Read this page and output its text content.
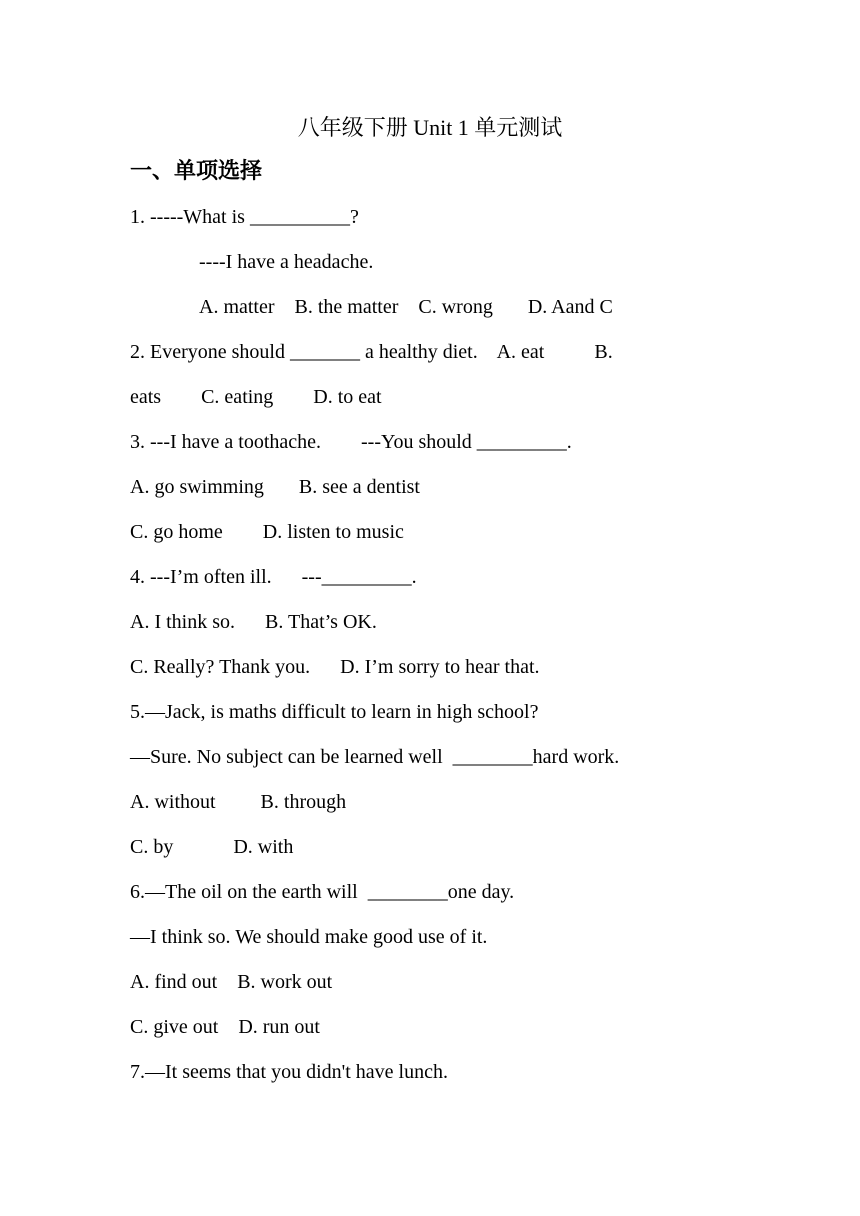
八年级下册 Unit 1 单元测试
一、单项选择
1. -----What is __________?
----I have a headache.
A. matter    B. the matter    C. wrong       D. Aand C
2. Everyone should _______ a healthy diet.    A. eat          B.
eats        C. eating        D. to eat
3. ---I have a toothache.        ---You should _________.
A. go swimming       B. see a dentist
C. go home        D. listen to music
4. ---I’m often ill.      ---_________.
A. I think so.      B. That’s OK.
C. Really? Thank you.      D. I’m sorry to hear that.
5.—Jack, is maths difficult to learn in high school?
—Sure. No subject can be learned well  ________hard work.
A. without         B. through
C. by            D. with
6.—The oil on the earth will  ________one day.
—I think so. We should make good use of it.
A. find out    B. work out
C. give out    D. run out
7.—It seems that you didn't have lunch.
